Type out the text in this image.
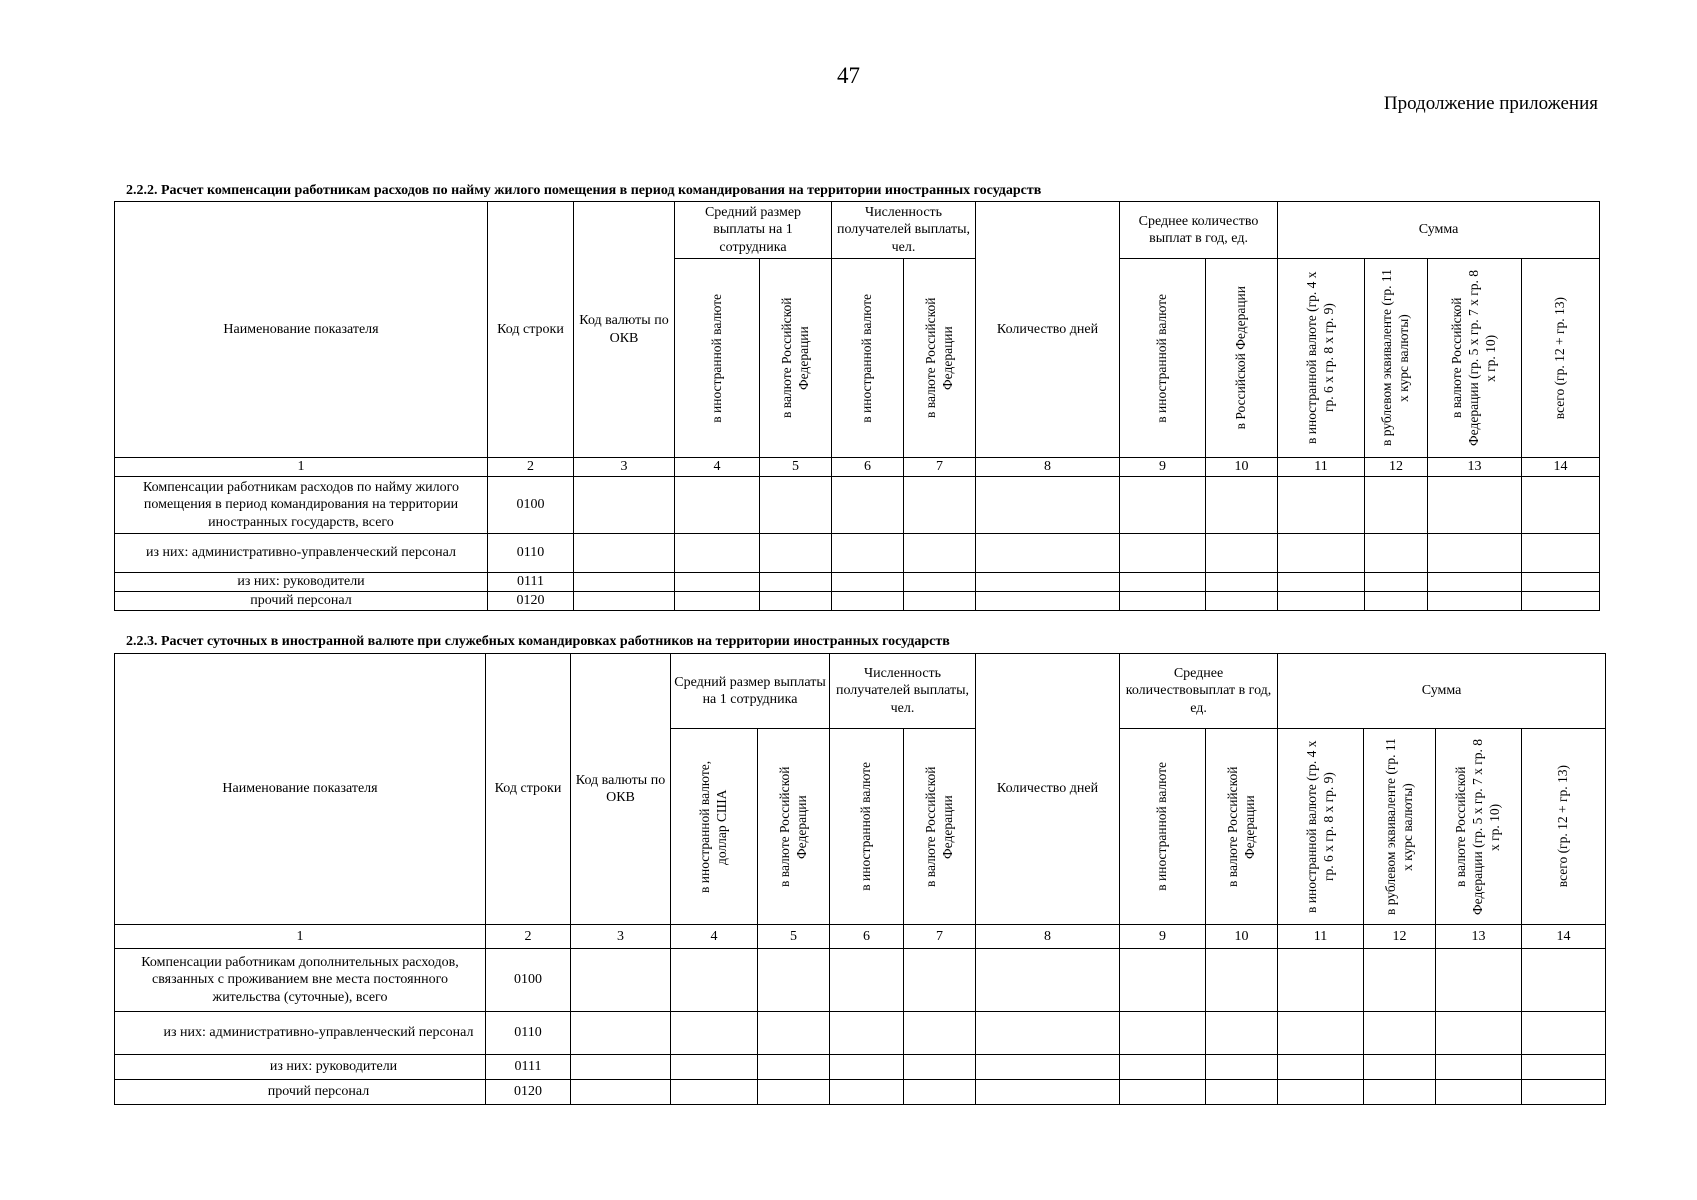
47
Продолжение приложения
2.2.2. Расчет компенсации работникам расходов по найму жилого помещения в период командирования на территории иностранных государств
Наименование показателя	Код строки	Код валюты по ОКВ	Средний размер выплаты на 1 сотрудника		Численность получателей выплаты, чел.		Количество дней	Среднее количество выплат в год, ед.		Сумма			

			в иностранной валюте	в валюте Российской Федерации	в иностранной валюте	в валюте Российской Федерации		в иностранной валюте	в Российской Федерации	в иностранной валюте (гр. 4 х гр. 6 х гр. 8 х гр. 9)	в рублевом эквиваленте (гр. 11 х курс валюты)	в валюте Российской Федерации (гр. 5 х гр. 7 х гр. 8 х гр. 10)	всего (гр. 12 + гр. 13)

1	2	3	4	5	6	7	8	9	10	11	12	13	14
Компенсации работникам расходов по найму жилого помещения в период командирования на территории иностранных государств, всего	0100												
из них: административно-управленческий персонал	0110												
из них: руководители	0111												
прочий персонал	0120												
2.2.3. Расчет суточных в иностранной валюте при служебных командировках работников на территории иностранных государств
Наименование показателя	Код строки	Код валюты по ОКВ	Средний размер выплаты на 1 сотрудника		Численность получателей выплаты, чел.		Количество дней	Среднее количествовыплат в год, ед.		Сумма			

			в иностранной валюте, доллар США	в валюте Российской Федерации	в иностранной валюте	в валюте Российской Федерации		в иностранной валюте	в валюте Российской Федерации	в иностранной валюте (гр. 4 х гр. 6 х гр. 8 х гр. 9)	в рублевом эквиваленте (гр. 11 х курс валюты)	в валюте Российской Федерации (гр. 5 х гр. 7 х гр. 8 х гр. 10)	всего (гр. 12 + гр. 13)

1	2	3	4	5	6	7	8	9	10	11	12	13	14
Компенсации работникам дополнительных расходов, связанных с проживанием вне места постоянного жительства (суточные), всего	0100												
из них: административно-управленческий персонал	0110												
из них: руководители	0111												
прочий персонал	0120												
